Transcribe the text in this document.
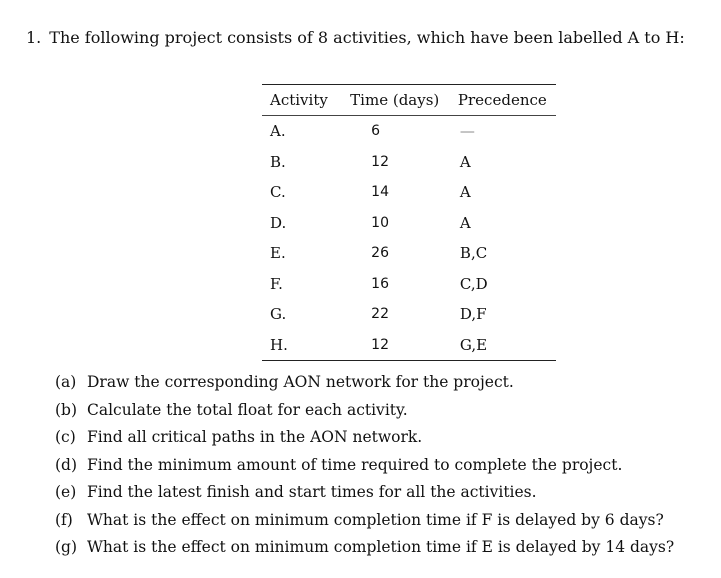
1. The following project consists of 8 activities, which have been labelled A to H:
Activity	Time (days)	Precedence
A.	6	—
B.	12	A
C.	14	A
D.	10	A
E.	26	B,C
F.	16	C,D
G.	22	D,F
H.	12	G,E
(a) Draw the corresponding AON network for the project.
(b) Calculate the total float for each activity.
(c) Find all critical paths in the AON network.
(d) Find the minimum amount of time required to complete the project.
(e) Find the latest finish and start times for all the activities.
(f) What is the effect on minimum completion time if F is delayed by 6 days?
(g) What is the effect on minimum completion time if E is delayed by 14 days?
